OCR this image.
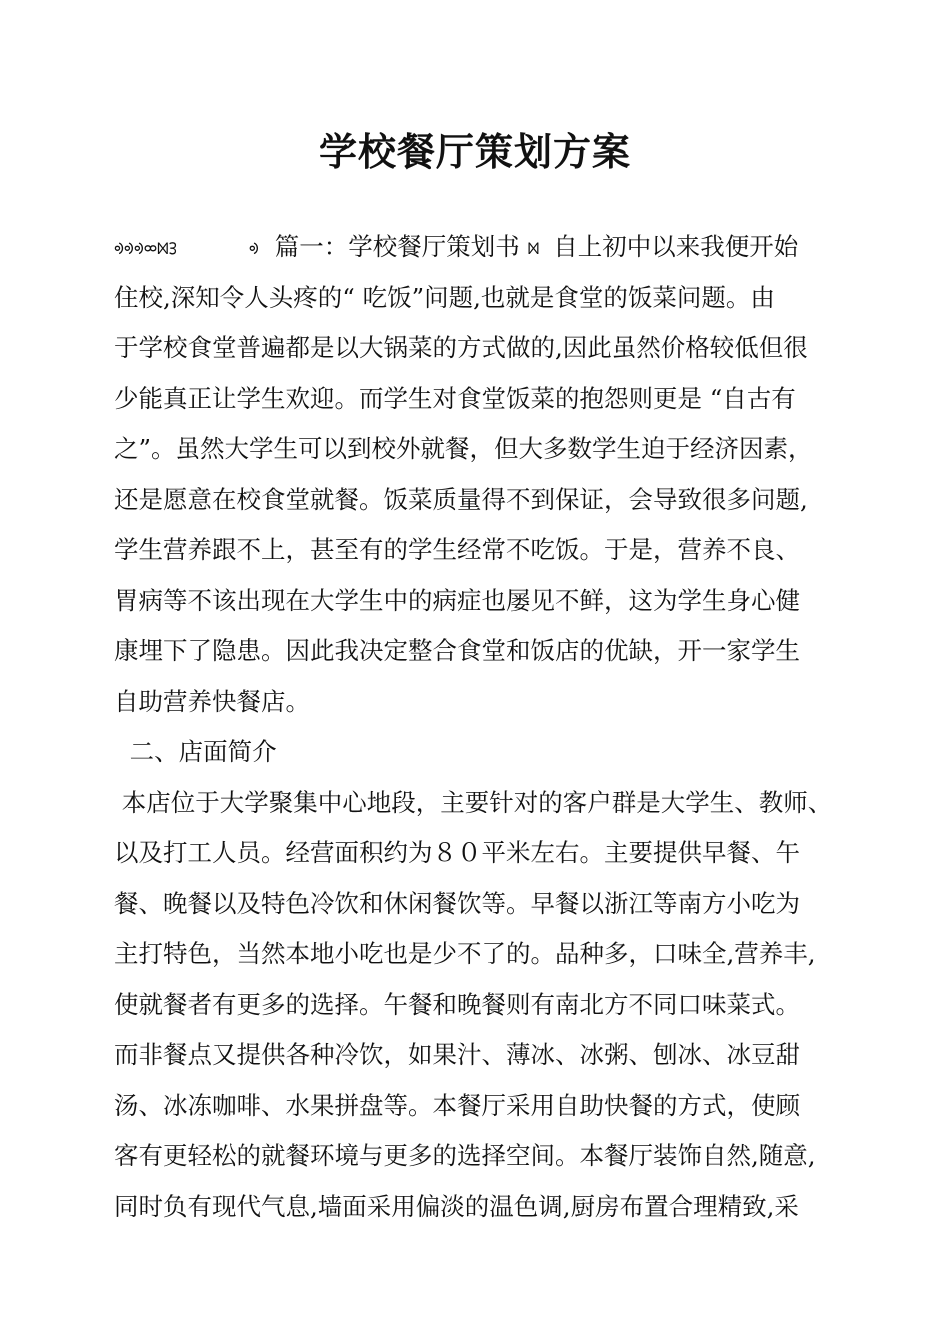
学校餐厅策划方案
ᢀᢀᢀᢁᢂᢃ	ᢀ 篇一：学校餐厅策划书 ᢂ 自上初中以来我便开始
住校,深知令人头疼的“ 吃饭”问题,也就是食堂的饭菜问题。由
于学校食堂普遍都是以大锅菜的方式做的,因此虽然价格较低但很
少能真正让学生欢迎。而学生对食堂饭菜的抱怨则更是 “自古有
之”。虽然大学生可以到校外就餐，但大多数学生迫于经济因素，
还是愿意在校食堂就餐。饭菜质量得不到保证，会导致很多问题,
学生营养跟不上，甚至有的学生经常不吃饭。于是，营养不良、
胃病等不该出现在大学生中的病症也屡见不鲜，这为学生身心健
康埋下了隐患。因此我决定整合食堂和饭店的优缺，开一家学生
自助营养快餐店。
二、店面简介
本店位于大学聚集中心地段，主要针对的客户群是大学生、教师、
以及打工人员。经营面积约为８０平米左右。主要提供早餐、午
餐、晚餐以及特色冷饮和休闲餐饮等。早餐以浙江等南方小吃为
主打特色，当然本地小吃也是少不了的。品种多，口味全,营养丰,
使就餐者有更多的选择。午餐和晚餐则有南北方不同口味菜式。
而非餐点又提供各种冷饮，如果汁、薄冰、冰粥、刨冰、冰豆甜
汤、冰冻咖啡、水果拼盘等。本餐厅采用自助快餐的方式，使顾
客有更轻松的就餐环境与更多的选择空间。本餐厅装饰自然,随意,
同时负有现代气息,墙面采用偏淡的温色调,厨房布置合理精致,采
